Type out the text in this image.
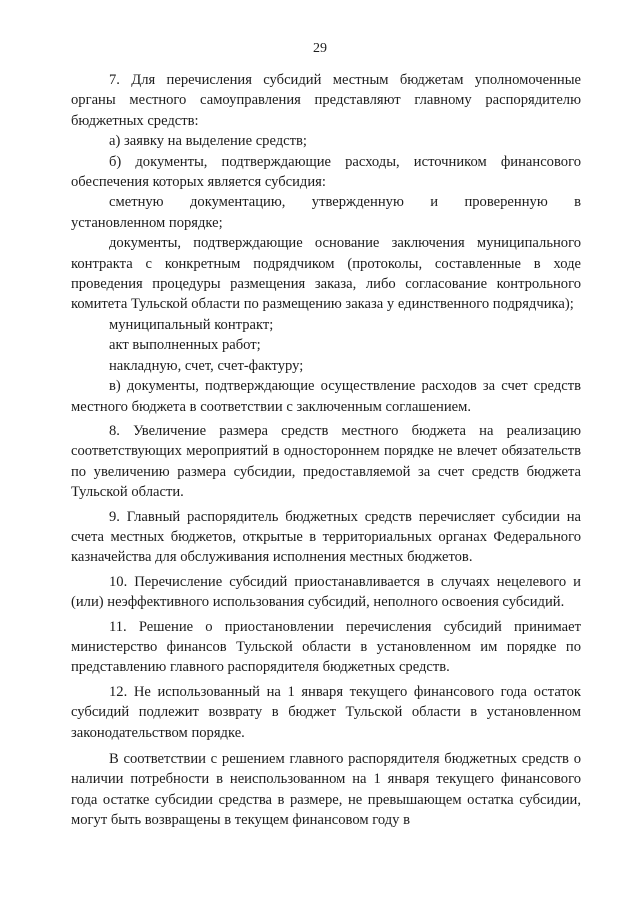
29

7. Для перечисления субсидий местным бюджетам уполномоченные органы местного самоуправления представляют главному распорядителю бюджетных средств:

а) заявку на выделение средств;

б) документы, подтверждающие расходы, источником финансового обеспечения которых является субсидия:

сметную документацию, утвержденную и проверенную в

установленном порядке;

документы, подтверждающие основание заключения муниципального контракта с конкретным подрядчиком (протоколы, составленные в ходе проведения процедуры размещения заказа, либо согласование контрольного комитета Тульской области по размещению заказа у единственного подрядчика);

муниципальный контракт;

акт выполненных работ;

накладную, счет, счет-фактуру;

в) документы, подтверждающие осуществление расходов за счет средств местного бюджета в соответствии с заключенным соглашением.

8. Увеличение размера средств местного бюджета на реализацию соответствующих мероприятий в одностороннем порядке не влечет обязательств по увеличению размера субсидии, предоставляемой за счет средств бюджета Тульской области.

9. Главный распорядитель бюджетных средств перечисляет субсидии на счета местных бюджетов, открытые в территориальных органах Федерального казначейства для обслуживания исполнения местных бюджетов.

10. Перечисление субсидий приостанавливается в случаях нецелевого и (или) неэффективного использования субсидий, неполного освоения субсидий.

11. Решение о приостановлении перечисления субсидий принимает министерство финансов Тульской области в установленном им порядке по представлению главного распорядителя бюджетных средств.

12. Не использованный на 1 января текущего финансового года остаток субсидий подлежит возврату в бюджет Тульской области в установленном законодательством порядке.

В соответствии с решением главного распорядителя бюджетных средств о наличии потребности в неиспользованном на 1 января текущего финансового года остатке субсидии средства в размере, не превышающем остатка субсидии, могут быть возвращены в текущем финансовом году в
